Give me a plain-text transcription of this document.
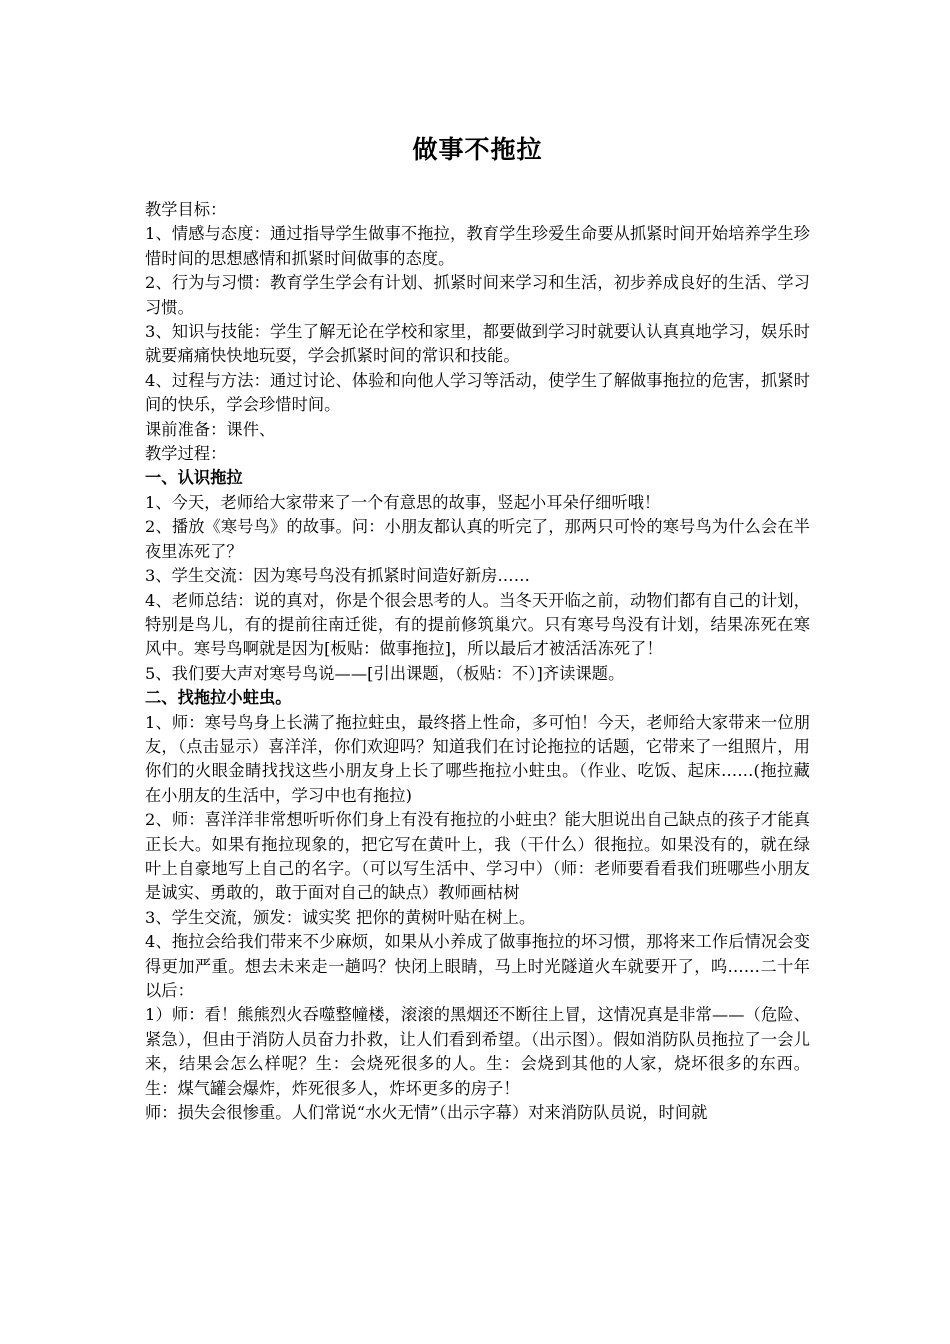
做事不拖拉

教学目标：

1、情感与态度：通过指导学生做事不拖拉，教育学生珍爱生命要从抓紧时间开始培养学生珍惜时间的思想感情和抓紧时间做事的态度。

2、行为与习惯：教育学生学会有计划、抓紧时间来学习和生活，初步养成良好的生活、学习习惯。

3、知识与技能：学生了解无论在学校和家里，都要做到学习时就要认认真真地学习，娱乐时就要痛痛快快地玩耍，学会抓紧时间的常识和技能。

4、过程与方法：通过讨论、体验和向他人学习等活动，使学生了解做事拖拉的危害，抓紧时间的快乐，学会珍惜时间。

课前准备：课件、

教学过程：

一、认识拖拉

1、今天，老师给大家带来了一个有意思的故事，竖起小耳朵仔细听哦！

2、播放《寒号鸟》的故事。问：小朋友都认真的听完了，那两只可怜的寒号鸟为什么会在半夜里冻死了？

3、学生交流：因为寒号鸟没有抓紧时间造好新房……

4、老师总结：说的真对，你是个很会思考的人。当冬天开临之前，动物们都有自己的计划，特别是鸟儿，有的提前往南迁徙，有的提前修筑巢穴。只有寒号鸟没有计划，结果冻死在寒风中。寒号鸟啊就是因为[板贴：做事拖拉]，所以最后才被活活冻死了！

5、我们要大声对寒号鸟说——[引出课题，（板贴：不）]齐读课题。

二、找拖拉小蛀虫。

1、师：寒号鸟身上长满了拖拉蛀虫，最终搭上性命，多可怕！今天，老师给大家带来一位朋友，（点击显示）喜洋洋，你们欢迎吗？知道我们在讨论拖拉的话题，它带来了一组照片，用你们的火眼金睛找找这些小朋友身上长了哪些拖拉小蛀虫。（作业、吃饭、起床……(拖拉藏在小朋友的生活中，学习中也有拖拉)

2、师：喜洋洋非常想听听你们身上有没有拖拉的小蛀虫？能大胆说出自己缺点的孩子才能真正长大。如果有拖拉现象的，把它写在黄叶上，我（干什么）很拖拉。如果没有的，就在绿叶上自豪地写上自己的名字。（可以写生活中、学习中）（师：老师要看看我们班哪些小朋友是诚实、勇敢的，敢于面对自己的缺点）教师画枯树

3、学生交流，颁发：诚实奖 把你的黄树叶贴在树上。

4、拖拉会给我们带来不少麻烦，如果从小养成了做事拖拉的坏习惯，那将来工作后情况会变得更加严重。想去未来走一趟吗？快闭上眼睛，马上时光隧道火车就要开了，呜……二十年以后：

1）师：看！熊熊烈火吞噬整幢楼，滚滚的黑烟还不断往上冒，这情况真是非常——（危险、紧急），但由于消防人员奋力扑救，让人们看到希望。（出示图）。假如消防队员拖拉了一会儿来，结果会怎么样呢？生：会烧死很多的人。生：会烧到其他的人家，烧坏很多的东西。生：煤气罐会爆炸，炸死很多人，炸坏更多的房子！

师：损失会很惨重。人们常说“水火无情”（出示字幕）对来消防队员说，时间就
